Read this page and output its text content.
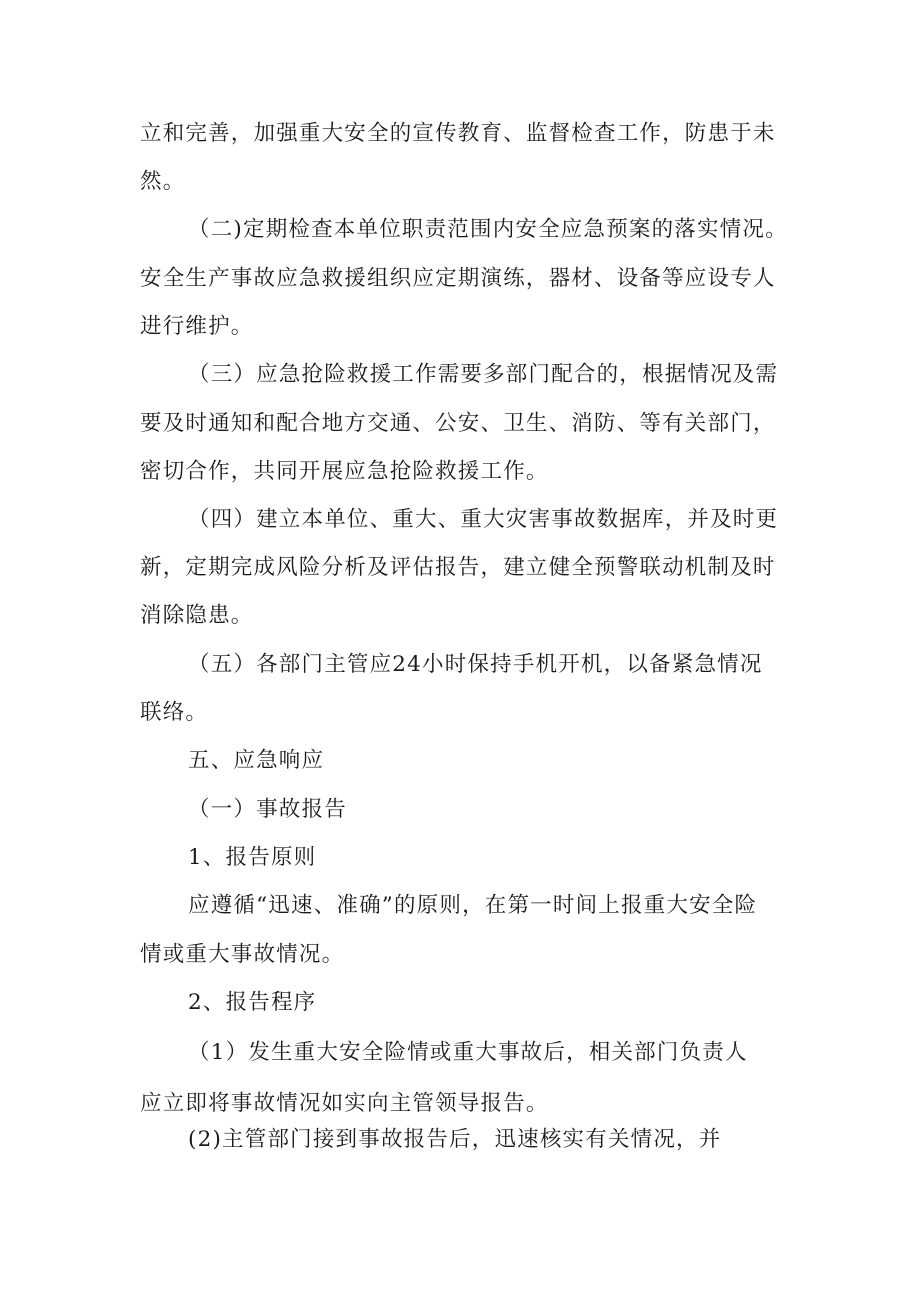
立和完善，加强重大安全的宣传教育、监督检查工作，防患于未
然。
（二)定期检查本单位职责范围内安全应急预案的落实情况。
安全生产事故应急救援组织应定期演练，器材、设备等应设专人
进行维护。
（三）应急抢险救援工作需要多部门配合的，根据情况及需
要及时通知和配合地方交通、公安、卫生、消防、等有关部门，
密切合作，共同开展应急抢险救援工作。
（四）建立本单位、重大、重大灾害事故数据库，并及时更
新，定期完成风险分析及评估报告，建立健全预警联动机制及时
消除隐患。
（五）各部门主管应24小时保持手机开机，以备紧急情况
联络。
五、应急响应
（一）事故报告
1、报告原则
应遵循“迅速、准确”的原则，在第一时间上报重大安全险
情或重大事故情况。
2、报告程序
（1）发生重大安全险情或重大事故后，相关部门负责人
应立即将事故情况如实向主管领导报告。
(2)主管部门接到事故报告后，迅速核实有关情况，并
